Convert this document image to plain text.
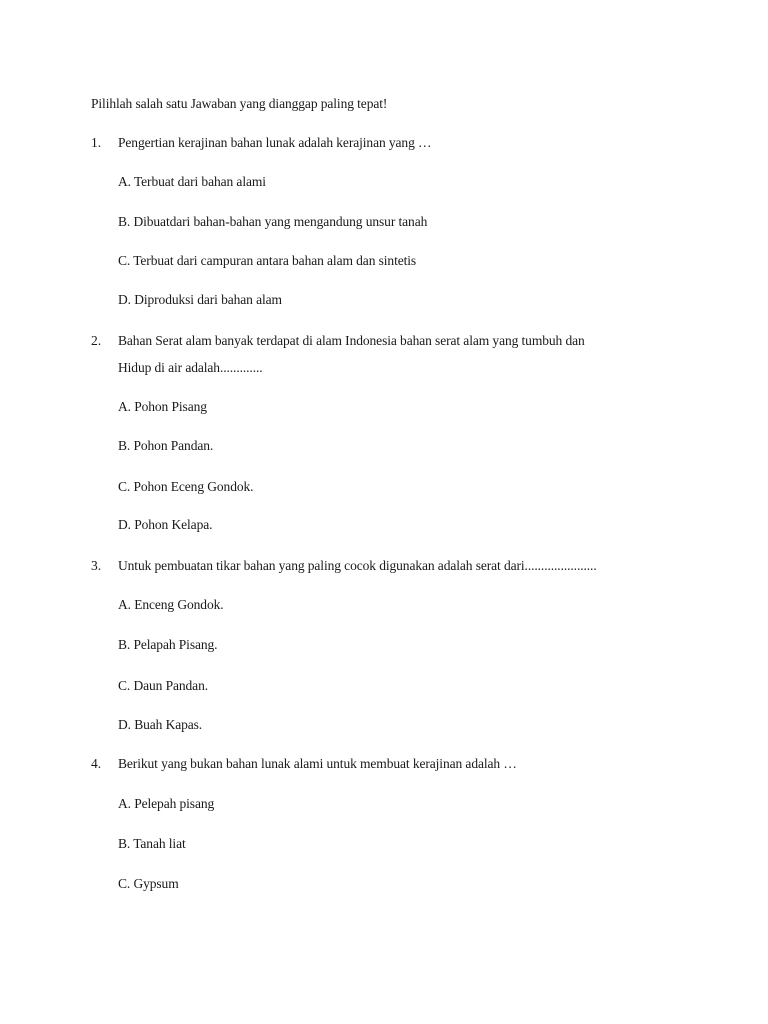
Pilihlah salah satu Jawaban yang dianggap paling tepat!
1. Pengertian kerajinan bahan lunak adalah kerajinan yang …
A. Terbuat dari bahan alami
B. Dibuatdari bahan-bahan yang mengandung unsur tanah
C. Terbuat dari campuran antara bahan alam dan sintetis
D. Diproduksi dari bahan alam
2. Bahan Serat alam banyak terdapat di alam Indonesia bahan serat alam yang tumbuh dan
Hidup di air adalah.............
A. Pohon Pisang
B. Pohon Pandan.
C. Pohon Eceng Gondok.
D. Pohon Kelapa.
3. Untuk pembuatan tikar bahan yang paling cocok digunakan adalah serat dari......................
A. Enceng Gondok.
B. Pelapah Pisang.
C. Daun Pandan.
D. Buah Kapas.
4. Berikut yang bukan bahan lunak alami untuk membuat kerajinan adalah …
A. Pelepah pisang
B. Tanah liat
C. Gypsum
